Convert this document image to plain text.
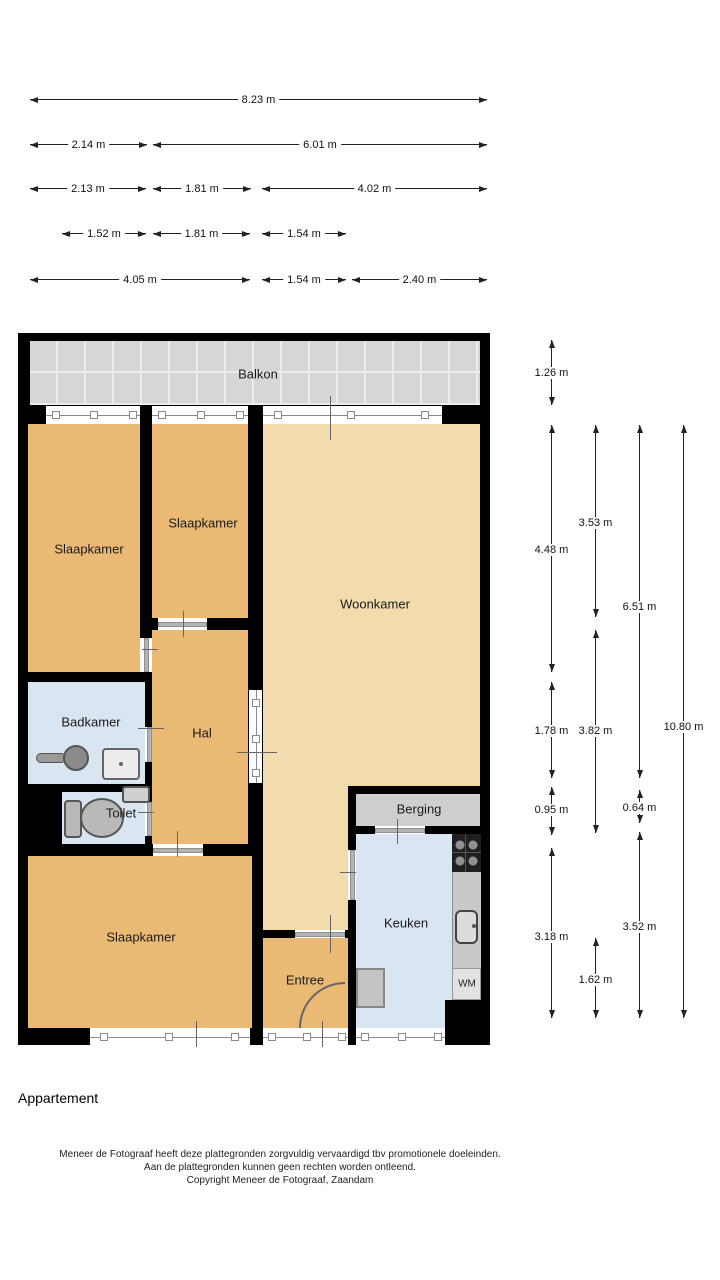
8.23 m
2.14 m	6.01 m
2.13 m	1.81 m	4.02 m
1.52 m	1.81 m	1.54 m
4.05 m	1.54 m	2.40 m
1.26 m
4.48 m
1.78 m
0.95 m
3.18 m
3.53 m
3.82 m
1.62 m
6.51 m
0.64 m
3.52 m
10.80 m
WM
Balkon
Slaapkamer
Slaapkamer
Woonkamer
Badkamer
Hal
Toilet
Slaapkamer
Entree
Berging
Keuken
Appartement
Meneer de Fotograaf heeft deze plattegronden zorgvuldig vervaardigd tbv promotionele doeleinden.
Aan de plattegronden kunnen geen rechten worden ontleend.
Copyright Meneer de Fotograaf, Zaandam
